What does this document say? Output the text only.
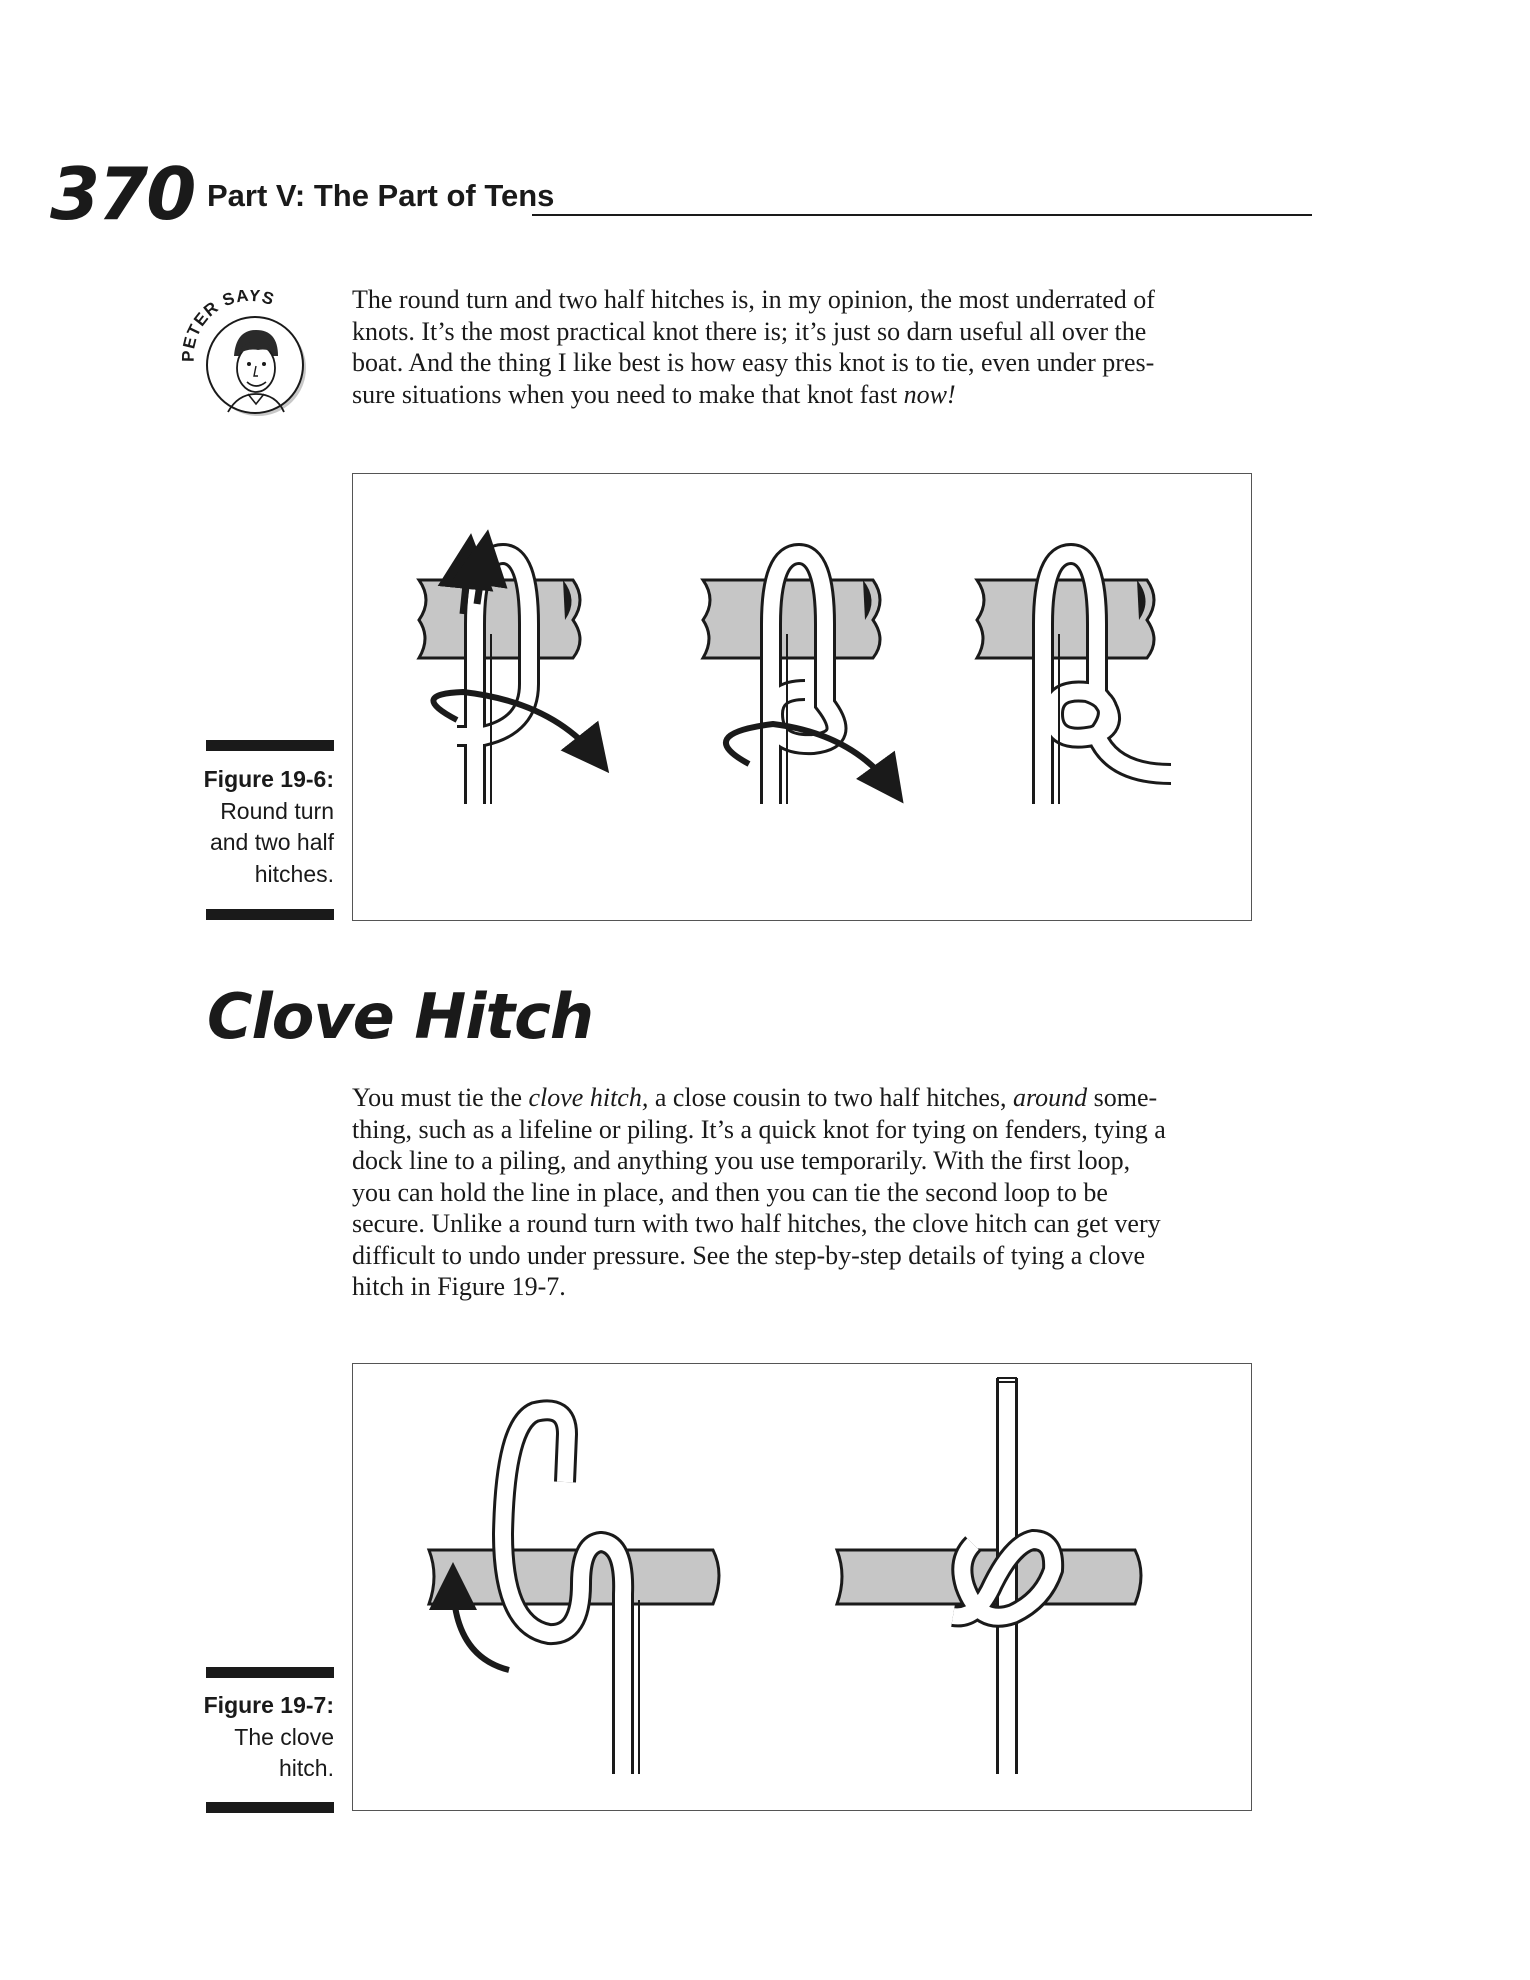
370 Part V: The Part of Tens
PETER SAYS	The round turn and two half hitches is, in my opinion, the most underrated of

knots. It’s the most practical knot there is; it’s just so darn useful all over the

boat. And the thing I like best is how easy this knot is to tie, even under pres-

sure situations when you need to make that knot fast now!

Figure 19-6:
Round turn
and two half
hitches.
Clove Hitch

You must tie the clove hitch, a close cousin to two half hitches, around some-

thing, such as a lifeline or piling. It’s a quick knot for tying on fenders, tying a

dock line to a piling, and anything you use temporarily. With the first loop,

you can hold the line in place, and then you can tie the second loop to be

secure. Unlike a round turn with two half hitches, the clove hitch can get very

difficult to undo under pressure. See the step-by-step details of tying a clove

hitch in Figure 19-7.

Figure 19-7:
The clove
hitch.
